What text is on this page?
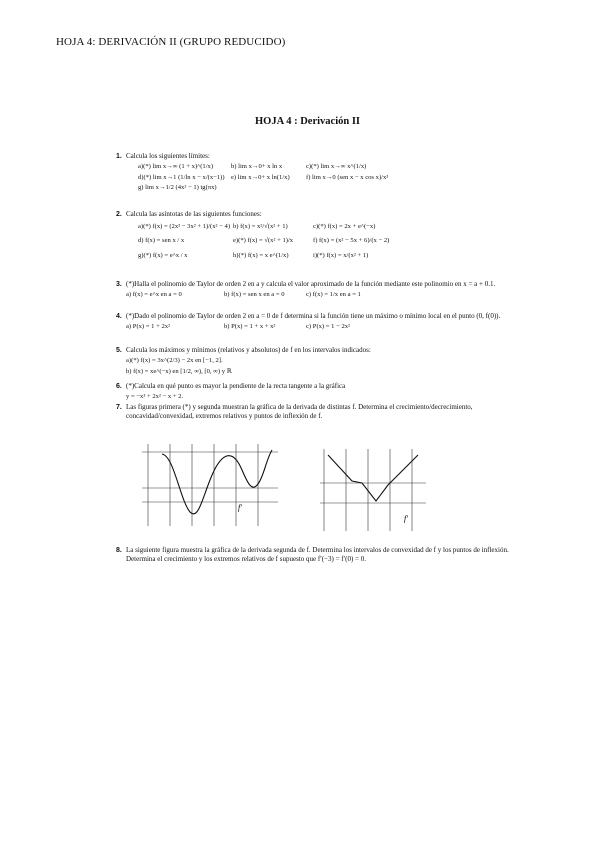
HOJA 4: DERIVACIÓN II (GRUPO REDUCIDO)
HOJA 4 : Derivación II
1. Calcula los siguientes límites:
a)(*) lim x→∞ (1 + x)^(1/x)	b) lim x→0+ x ln x	c)(*) lim x→∞ x^(1/x)
d)(*) lim x→1 (1/ln x − x/(x−1)) e) lim x→0+ x ln(1/x)	f) lim x→0 (sen x − x cos x)/x³
g) lim x→1/2 (4x² − 1) tg(πx)
2. Calcula las asíntotas de las siguientes funciones:
a)(*) f(x) = (2x³ − 3x² + 1)/(x² − 4) b) f(x) = x²/√(x² + 1)	c)(*) f(x) = 2x + e^(−x)
d) f(x) = sen x / x	e)(*) f(x) = √(x² + 1)/x	f) f(x) = (x² − 5x + 6)/(x − 2)
g)(*) f(x) = e^x / x	h)(*) f(x) = x e^(1/x)	i)(*) f(x) = x/(x² + 1)
3. (*)Halla el polinomio de Taylor de orden 2 en a y calcula el valor aproximado de la función mediante este polinomio en x = a + 0.1.
a) f(x) = e^x en a = 0	b) f(x) = sen x en a = 0	c) f(x) = 1/x en a = 1
4. (*)Dado el polinomio de Taylor de orden 2 en a = 0 de f determina si la función tiene un máximo o mínimo local en el punto (0, f(0)).
a) P(x) = 1 + 2x²	b) P(x) = 1 + x + x²	c) P(x) = 1 − 2x²
5. Calcula los máximos y mínimos (relativos y absolutos) de f en los intervalos indicados:
a)(*) f(x) = 3x^(2/3) − 2x en [−1, 2].
b) f(x) = xe^(−x) en [1/2, ∞), [0, ∞) y ℝ
6. (*)Calcula en qué punto es mayor la pendiente de la recta tangente a la gráfica
y = −x³ + 2x² − x + 2.
7. Las figuras primera (*) y segunda muestran la gráfica de la derivada de distintas f. Determina el crecimiento/decrecimiento, concavidad/convexidad, extremos relativos y puntos de inflexión de f.
f′
f′
8. La siguiente figura muestra la gráfica de la derivada segunda de f. Determina los intervalos de convexidad de f y los puntos de inflexión. Determina el crecimiento y los extremos relativos de f supuesto que f′(−3) = f′(0) = 0.
